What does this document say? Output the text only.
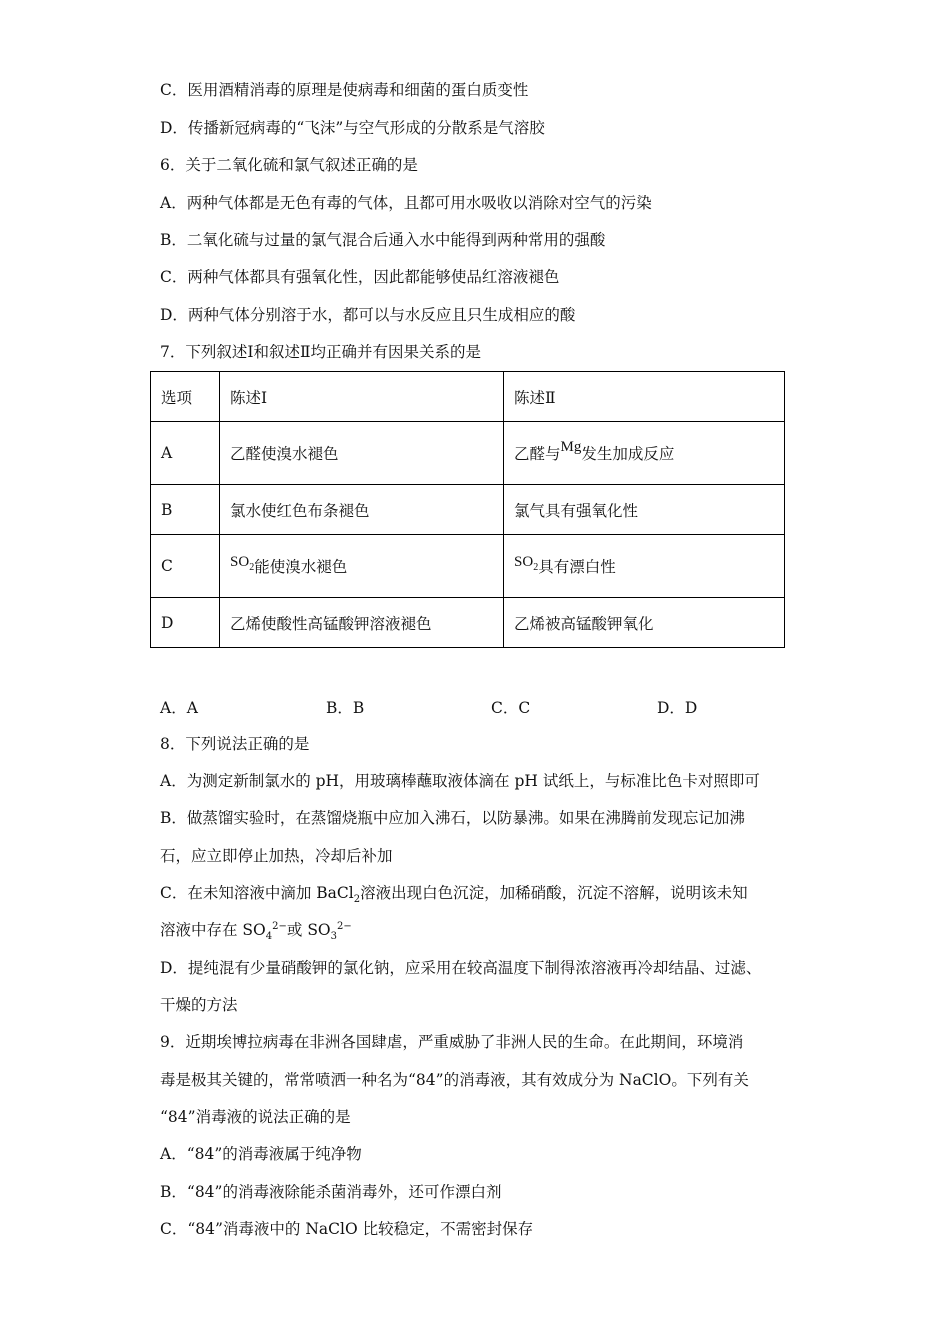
C．医用酒精消毒的原理是使病毒和细菌的蛋白质变性
D．传播新冠病毒的“飞沫”与空气形成的分散系是气溶胶
6．关于二氧化硫和氯气叙述正确的是
A．两种气体都是无色有毒的气体，且都可用水吸收以消除对空气的污染
B．二氧化硫与过量的氯气混合后通入水中能得到两种常用的强酸
C．两种气体都具有强氧化性，因此都能够使品红溶液褪色
D．两种气体分别溶于水，都可以与水反应且只生成相应的酸
7．下列叙述Ⅰ和叙述Ⅱ均正确并有因果关系的是
选项	陈述Ⅰ	陈述Ⅱ
A	乙醛使溴水褪色	乙醛与Mg发生加成反应
B	氯水使红色布条褪色	氯气具有强氧化性
C	$SO_2$能使溴水褪色	$SO_2$具有漂白性
D	乙烯使酸性高锰酸钾溶液褪色	乙烯被高锰酸钾氧化
A．A	B．B	C．C	D．D
8．下列说法正确的是
A．为测定新制氯水的 pH，用玻璃棒蘸取液体滴在 pH 试纸上，与标准比色卡对照即可
B．做蒸馏实验时，在蒸馏烧瓶中应加入沸石，以防暴沸。如果在沸腾前发现忘记加沸
石，应立即停止加热，冷却后补加
C．在未知溶液中滴加 BaCl$_2$溶液出现白色沉淀，加稀硝酸，沉淀不溶解，说明该未知
溶液中存在 $SO_4^{2-}$或 $SO_3^{2-}$
D．提纯混有少量硝酸钾的氯化钠，应采用在较高温度下制得浓溶液再冷却结晶、过滤、
干燥的方法
9．近期埃博拉病毒在非洲各国肆虐，严重威胁了非洲人民的生命。在此期间，环境消
毒是极其关键的，常常喷洒一种名为“84”的消毒液，其有效成分为 NaClO。下列有关
“84”消毒液的说法正确的是
A．“84”的消毒液属于纯净物
B．“84”的消毒液除能杀菌消毒外，还可作漂白剂
C．“84”消毒液中的 NaClO 比较稳定，不需密封保存
